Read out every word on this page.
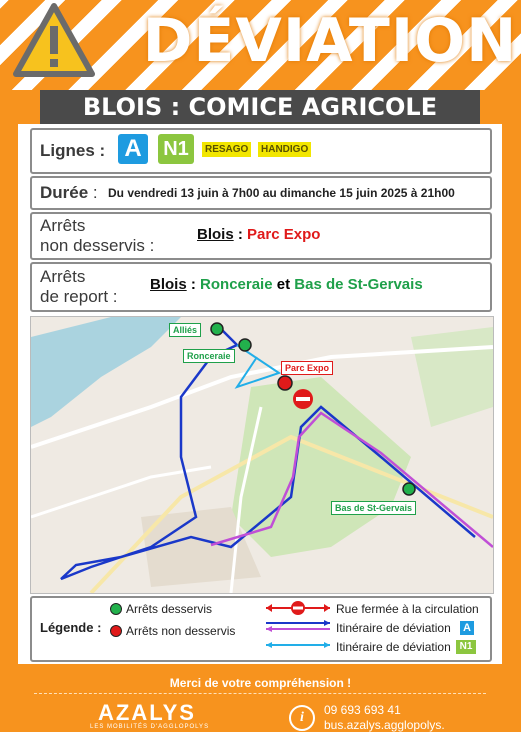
DÉVIATION
BLOIS : COMICE AGRICOLE
Lignes : A	N1	RESAGO	HANDIGO
Durée : Du vendredi 13 juin à 7h00 au dimanche 15 juin 2025 à 21h00
Arrêts
non desservis :
Blois : Parc Expo
Arrêts
de report :
Blois : Ronceraie et Bas de St-Gervais
Alliés
Ronceraie
Parc Expo
Bas de St-Gervais
Légende :
Arrêts desservis
Arrêts non desservis
Rue fermée à la circulation
Itinéraire de déviation A
Itinéraire de déviation N1
Merci de votre compréhension !
AZALYS
LES MOBILITÉS D'AGGLOPOLYS
i	09 693 693 41
bus.azalys.agglopolys.
